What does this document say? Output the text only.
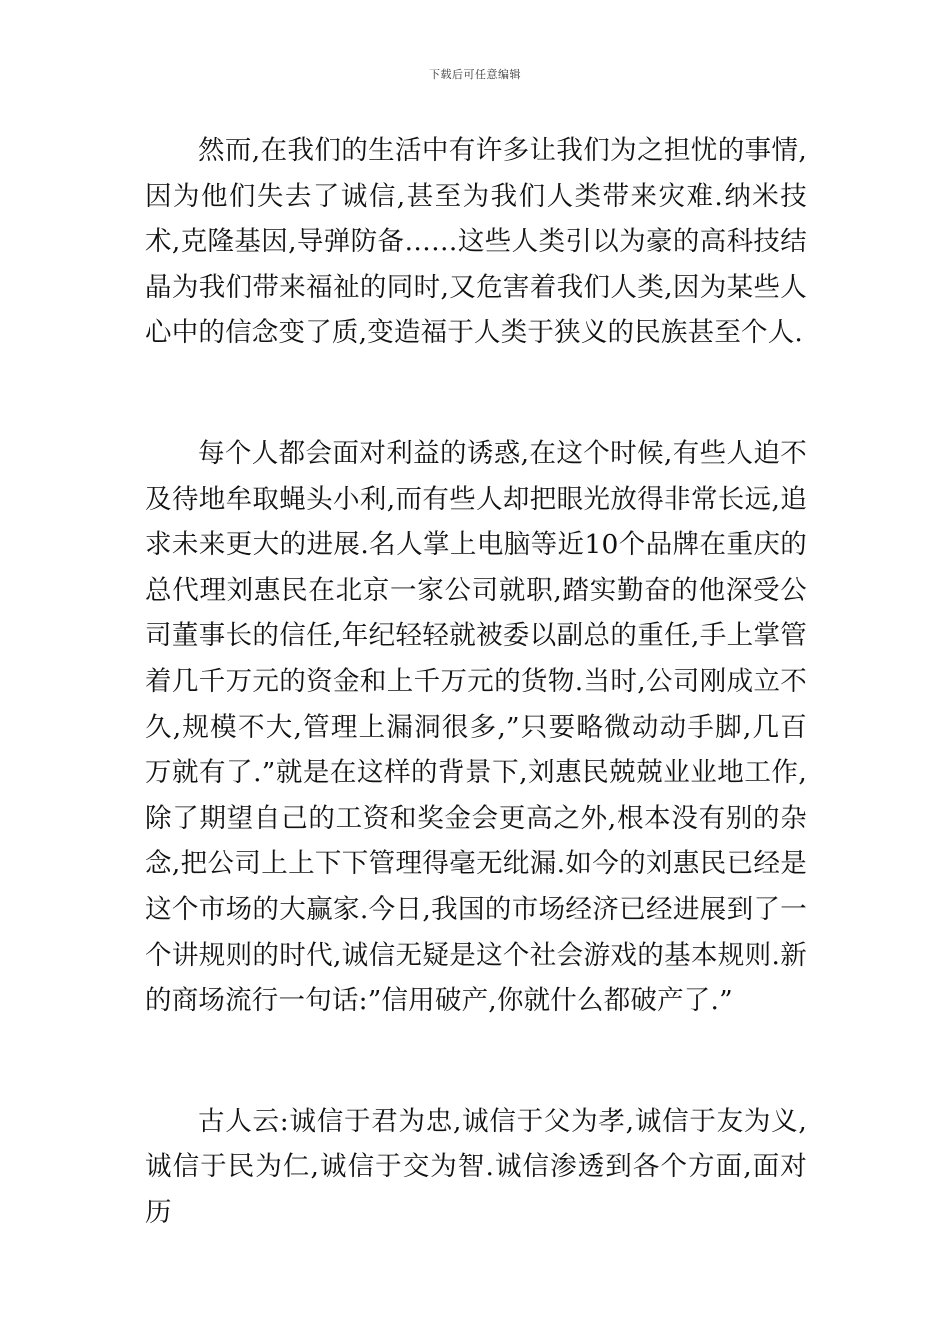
下载后可任意编辑

然而,在我们的生活中有许多让我们为之担忧的事情,因为他们失去了诚信,甚至为我们人类带来灾难.纳米技术,克隆基因,导弹防备……这些人类引以为豪的高科技结晶为我们带来福祉的同时,又危害着我们人类,因为某些人心中的信念变了质,变造福于人类于狭义的民族甚至个人.

每个人都会面对利益的诱惑,在这个时候,有些人迫不及待地牟取蝇头小利,而有些人却把眼光放得非常长远,追求未来更大的进展.名人掌上电脑等近10个品牌在重庆的总代理刘惠民在北京一家公司就职,踏实勤奋的他深受公司董事长的信任,年纪轻轻就被委以副总的重任,手上掌管着几千万元的资金和上千万元的货物.当时,公司刚成立不久,规模不大,管理上漏洞很多,”只要略微动动手脚,几百万就有了.”就是在这样的背景下,刘惠民兢兢业业地工作,除了期望自己的工资和奖金会更高之外,根本没有别的杂念,把公司上上下下管理得毫无纰漏.如今的刘惠民已经是这个市场的大赢家.今日,我国的市场经济已经进展到了一个讲规则的时代,诚信无疑是这个社会游戏的基本规则.新的商场流行一句话:”信用破产,你就什么都破产了.”

古人云:诚信于君为忠,诚信于父为孝,诚信于友为义,诚信于民为仁,诚信于交为智.诚信渗透到各个方面,面对历
